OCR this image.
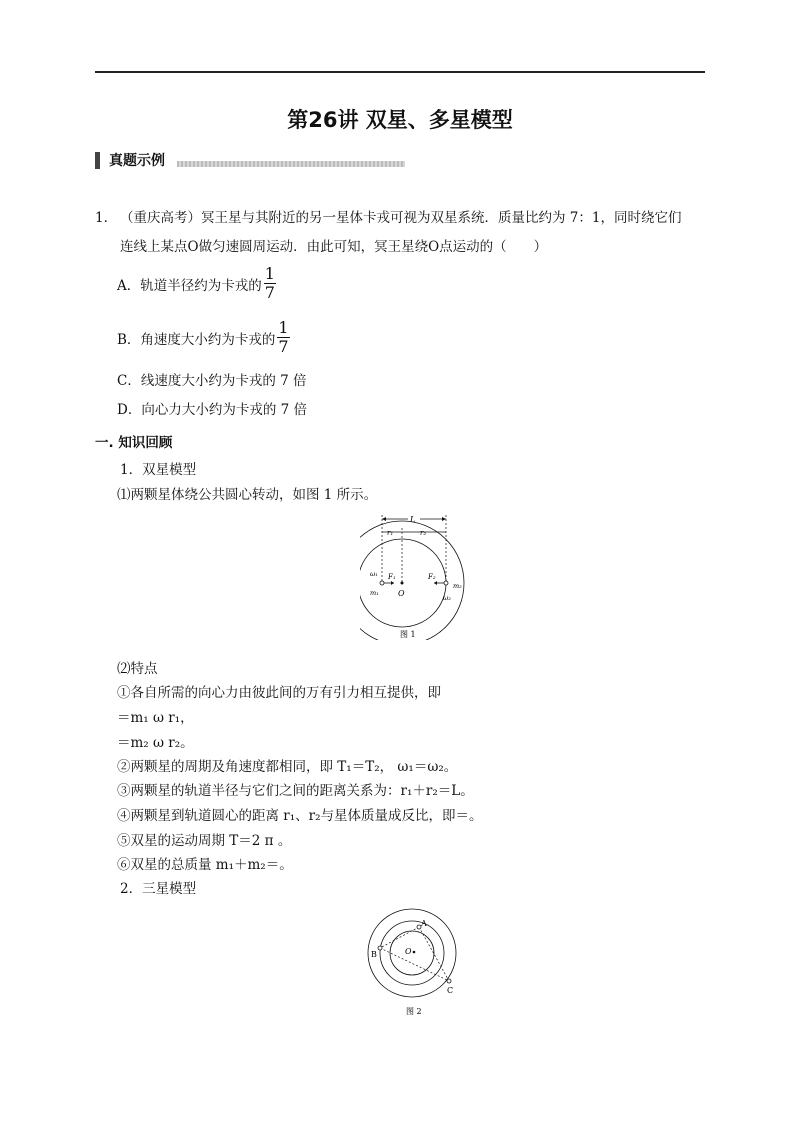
第26讲 双星、多星模型
真题示例
1． （重庆高考）冥王星与其附近的另一星体卡戎可视为双星系统．质量比约为 7：1，同时绕它们
连线上某点O做匀速圆周运动．由此可知，冥王星绕O点运动的（　　）
A．轨道半径约为卡戎的 $\frac{1}{7}$
B．角速度大小约为卡戎的 $\frac{1}{7}$
C．线速度大小约为卡戎的 7 倍
D．向心力大小约为卡戎的 7 倍
一. 知识回顾
1．双星模型
⑴两颗星体绕公共圆心转动，如图 1 所示。
L
r₁	r₂
O
F₁	F₂
ω₁
m₁
m₂
ω₂
图 1
⑵特点
①各自所需的向心力由彼此间的万有引力相互提供，即
＝m₁ ω r₁，
＝m₂ ω r₂。
②两颗星的周期及角速度都相同，即 T₁＝T₂， ω₁＝ω₂。
③两颗星的轨道半径与它们之间的距离关系为：r₁＋r₂＝L。
④两颗星到轨道圆心的距离 r₁、r₂与星体质量成反比，即＝。
⑤双星的运动周期 T＝2 π 。
⑥双星的总质量 m₁＋m₂＝。
2．三星模型
A
B
C
O
图 2
